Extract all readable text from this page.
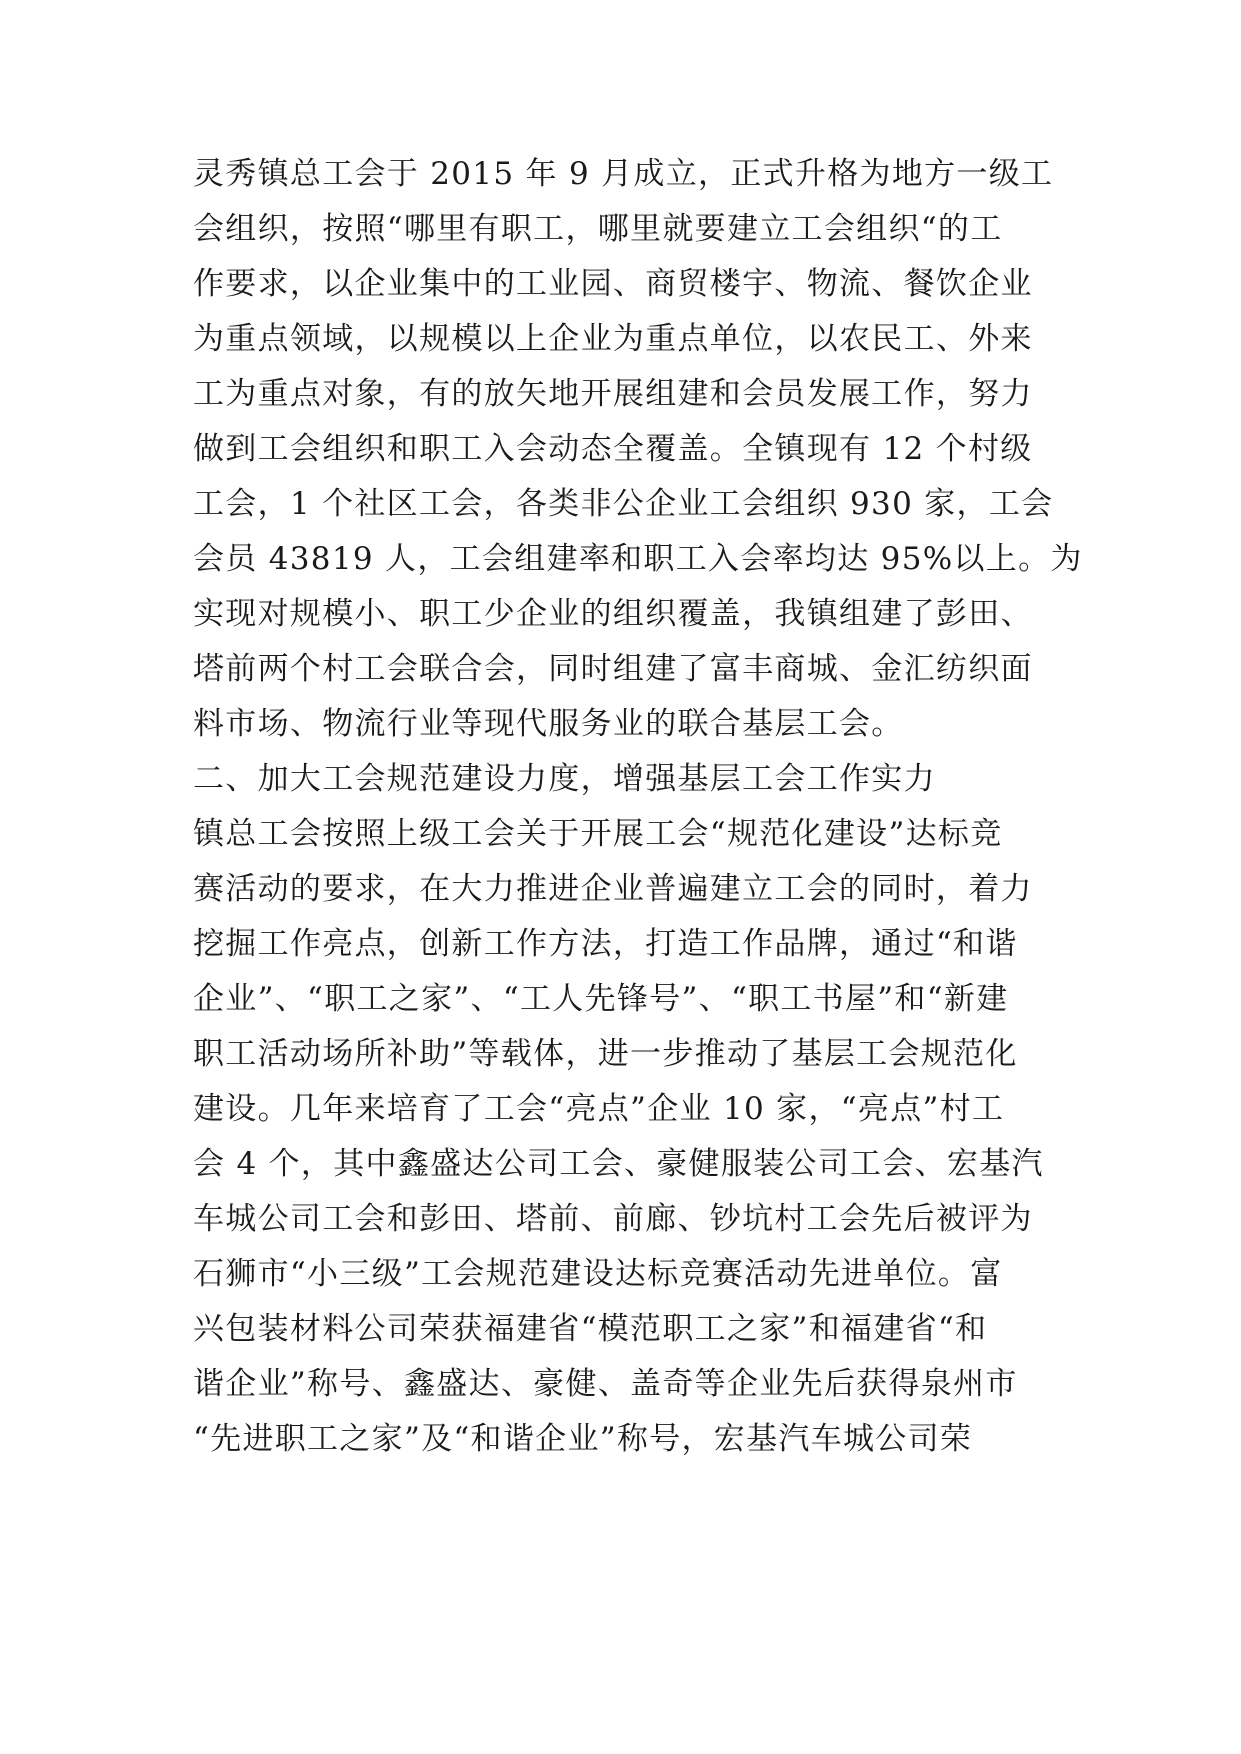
灵秀镇总工会于 2015 年 9 月成立，正式升格为地方一级工
会组织，按照“哪里有职工，哪里就要建立工会组织“的工
作要求，以企业集中的工业园、商贸楼宇、物流、餐饮企业
为重点领域，以规模以上企业为重点单位，以农民工、外来
工为重点对象，有的放矢地开展组建和会员发展工作，努力
做到工会组织和职工入会动态全覆盖。全镇现有 12 个村级
工会，1 个社区工会，各类非公企业工会组织 930 家，工会
会员 43819 人，工会组建率和职工入会率均达 95%以上。为
实现对规模小、职工少企业的组织覆盖，我镇组建了彭田、
塔前两个村工会联合会，同时组建了富丰商城、金汇纺织面
料市场、物流行业等现代服务业的联合基层工会。
二、加大工会规范建设力度，增强基层工会工作实力
镇总工会按照上级工会关于开展工会“规范化建设”达标竞
赛活动的要求，在大力推进企业普遍建立工会的同时，着力
挖掘工作亮点，创新工作方法，打造工作品牌，通过“和谐
企业”、“职工之家”、“工人先锋号”、“职工书屋”和“新建
职工活动场所补助”等载体，进一步推动了基层工会规范化
建设。几年来培育了工会“亮点”企业 10 家，“亮点”村工
会 4 个，其中鑫盛达公司工会、豪健服装公司工会、宏基汽
车城公司工会和彭田、塔前、前廊、钞坑村工会先后被评为
石狮市“小三级”工会规范建设达标竞赛活动先进单位。富
兴包装材料公司荣获福建省“模范职工之家”和福建省“和
谐企业”称号、鑫盛达、豪健、盖奇等企业先后获得泉州市
“先进职工之家”及“和谐企业”称号，宏基汽车城公司荣
